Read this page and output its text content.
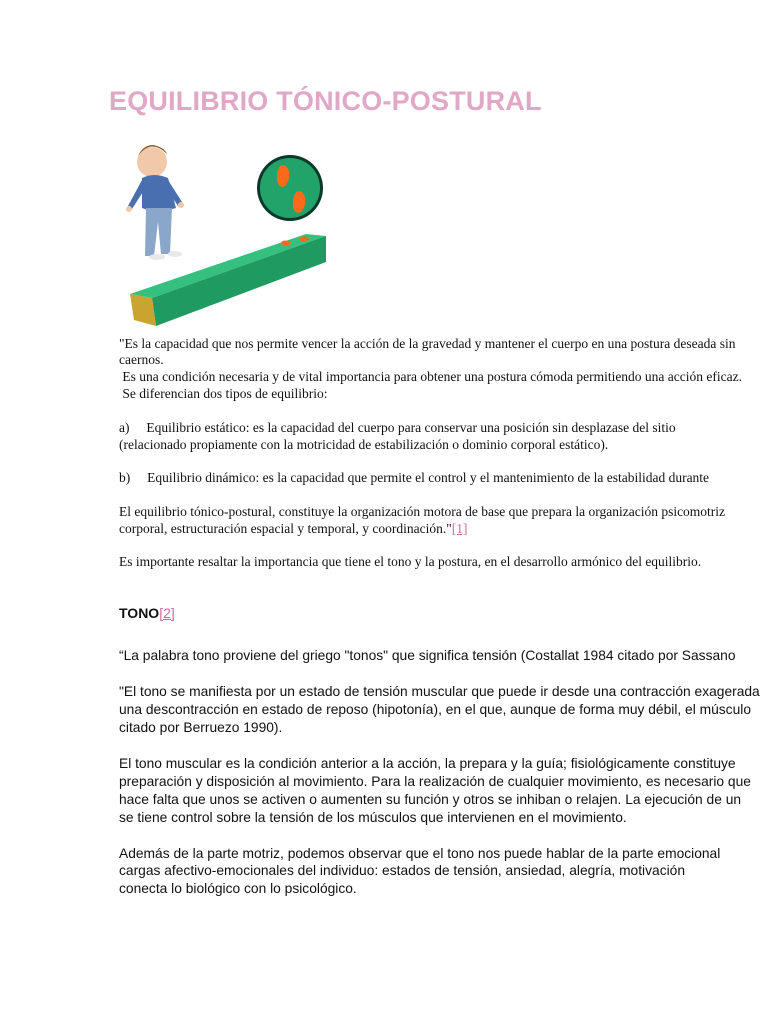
EQUILIBRIO TÓNICO-POSTURAL
"Es la capacidad que nos permite vencer la acción de la gravedad y mantener el cuerpo en una postura deseada sin
caernos.
Es una condición necesaria y de vital importancia para obtener una postura cómoda permitiendo una acción eficaz.
Se diferencian dos tipos de equilibrio:
a)     Equilibrio estático: es la capacidad del cuerpo para conservar una posición sin desplazase del sitio
(relacionado propiamente con la motricidad de estabilización o dominio corporal estático).
b)     Equilibrio dinámico: es la capacidad que permite el control y el mantenimiento de la estabilidad durante
El equilibrio tónico-postural, constituye la organización motora de base que prepara la organización psicomotriz
corporal, estructuración espacial y temporal, y coordinación."[1]
Es importante resaltar la importancia que tiene el tono y la postura, en el desarrollo armónico del equilibrio.
TONO[2]
“La palabra tono proviene del griego "tonos" que significa tensión (Costallat 1984 citado por Sassano
"El tono se manifiesta por un estado de tensión muscular que puede ir desde una contracción exagerada
una descontracción en estado de reposo (hipotonía), en el que, aunque de forma muy débil, el músculo
citado por Berruezo 1990).
El tono muscular es la condición anterior a la acción, la prepara y la guía; fisiológicamente constituye
preparación y disposición al movimiento. Para la realización de cualquier movimiento, es necesario que
hace falta que unos se activen o aumenten su función y otros se inhiban o relajen. La ejecución de un
se tiene control sobre la tensión de los músculos que intervienen en el movimiento.
Además de la parte motriz, podemos observar que el tono nos puede hablar de la parte emocional
cargas afectivo-emocionales del individuo: estados de tensión, ansiedad, alegría, motivación
conecta lo biológico con lo psicológico.
